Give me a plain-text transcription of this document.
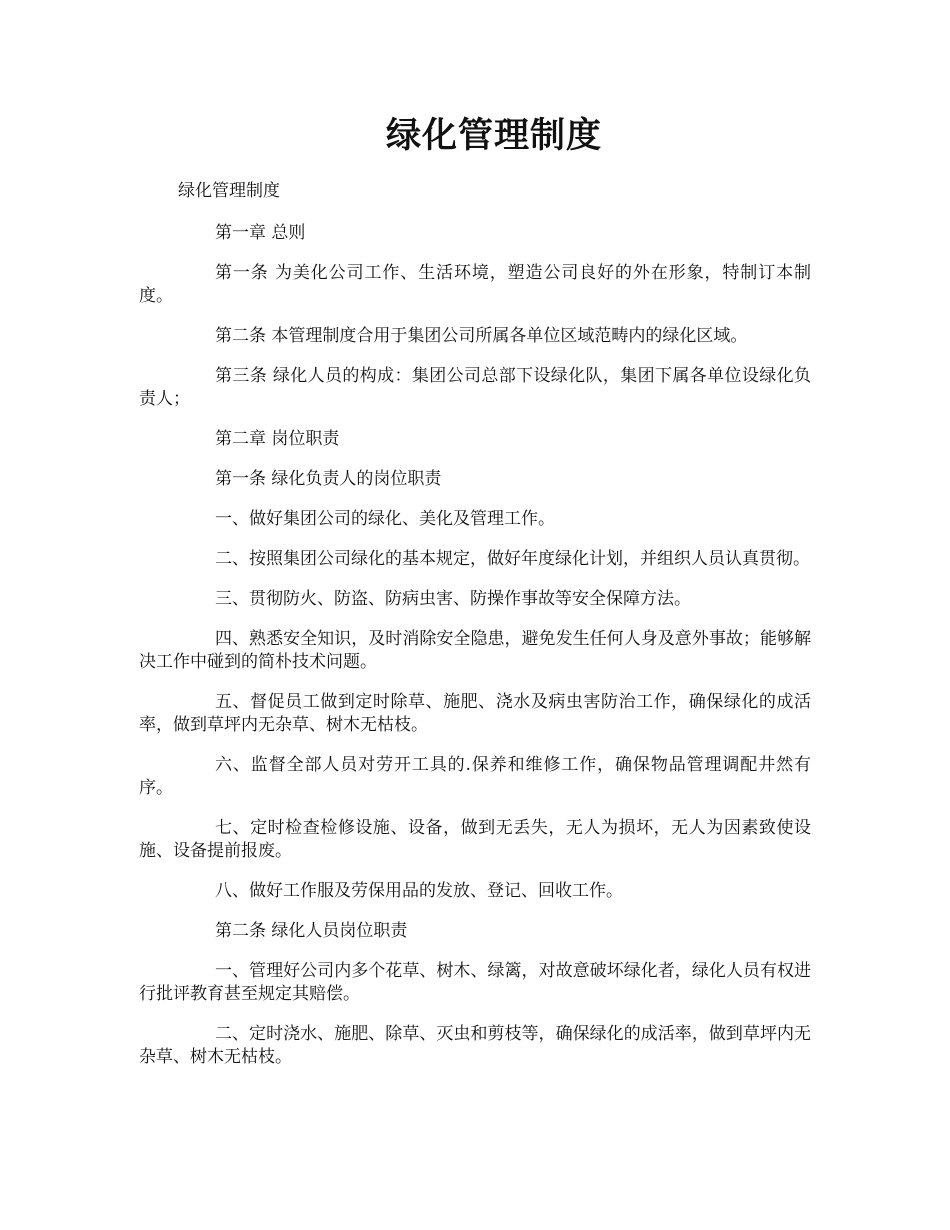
绿化管理制度

绿化管理制度

第一章 总则

第一条 为美化公司工作、生活环境，塑造公司良好的外在形象，特制订本制度。

第二条 本管理制度合用于集团公司所属各单位区域范畴内的绿化区域。

第三条 绿化人员的构成：集团公司总部下设绿化队，集团下属各单位设绿化负责人；

第二章 岗位职责

第一条 绿化负责人的岗位职责

一、做好集团公司的绿化、美化及管理工作。

二、按照集团公司绿化的基本规定，做好年度绿化计划，并组织人员认真贯彻。

三、贯彻防火、防盗、防病虫害、防操作事故等安全保障方法。

四、熟悉安全知识，及时消除安全隐患，避免发生任何人身及意外事故；能够解决工作中碰到的简朴技术问题。

五、督促员工做到定时除草、施肥、浇水及病虫害防治工作，确保绿化的成活率，做到草坪内无杂草、树木无枯枝。

六、监督全部人员对劳开工具的.保养和维修工作，确保物品管理调配井然有序。

七、定时检查检修设施、设备，做到无丢失，无人为损坏，无人为因素致使设施、设备提前报废。

八、做好工作服及劳保用品的发放、登记、回收工作。

第二条 绿化人员岗位职责

一、管理好公司内多个花草、树木、绿篱，对故意破坏绿化者，绿化人员有权进行批评教育甚至规定其赔偿。

二、定时浇水、施肥、除草、灭虫和剪枝等，确保绿化的成活率，做到草坪内无杂草、树木无枯枝。
